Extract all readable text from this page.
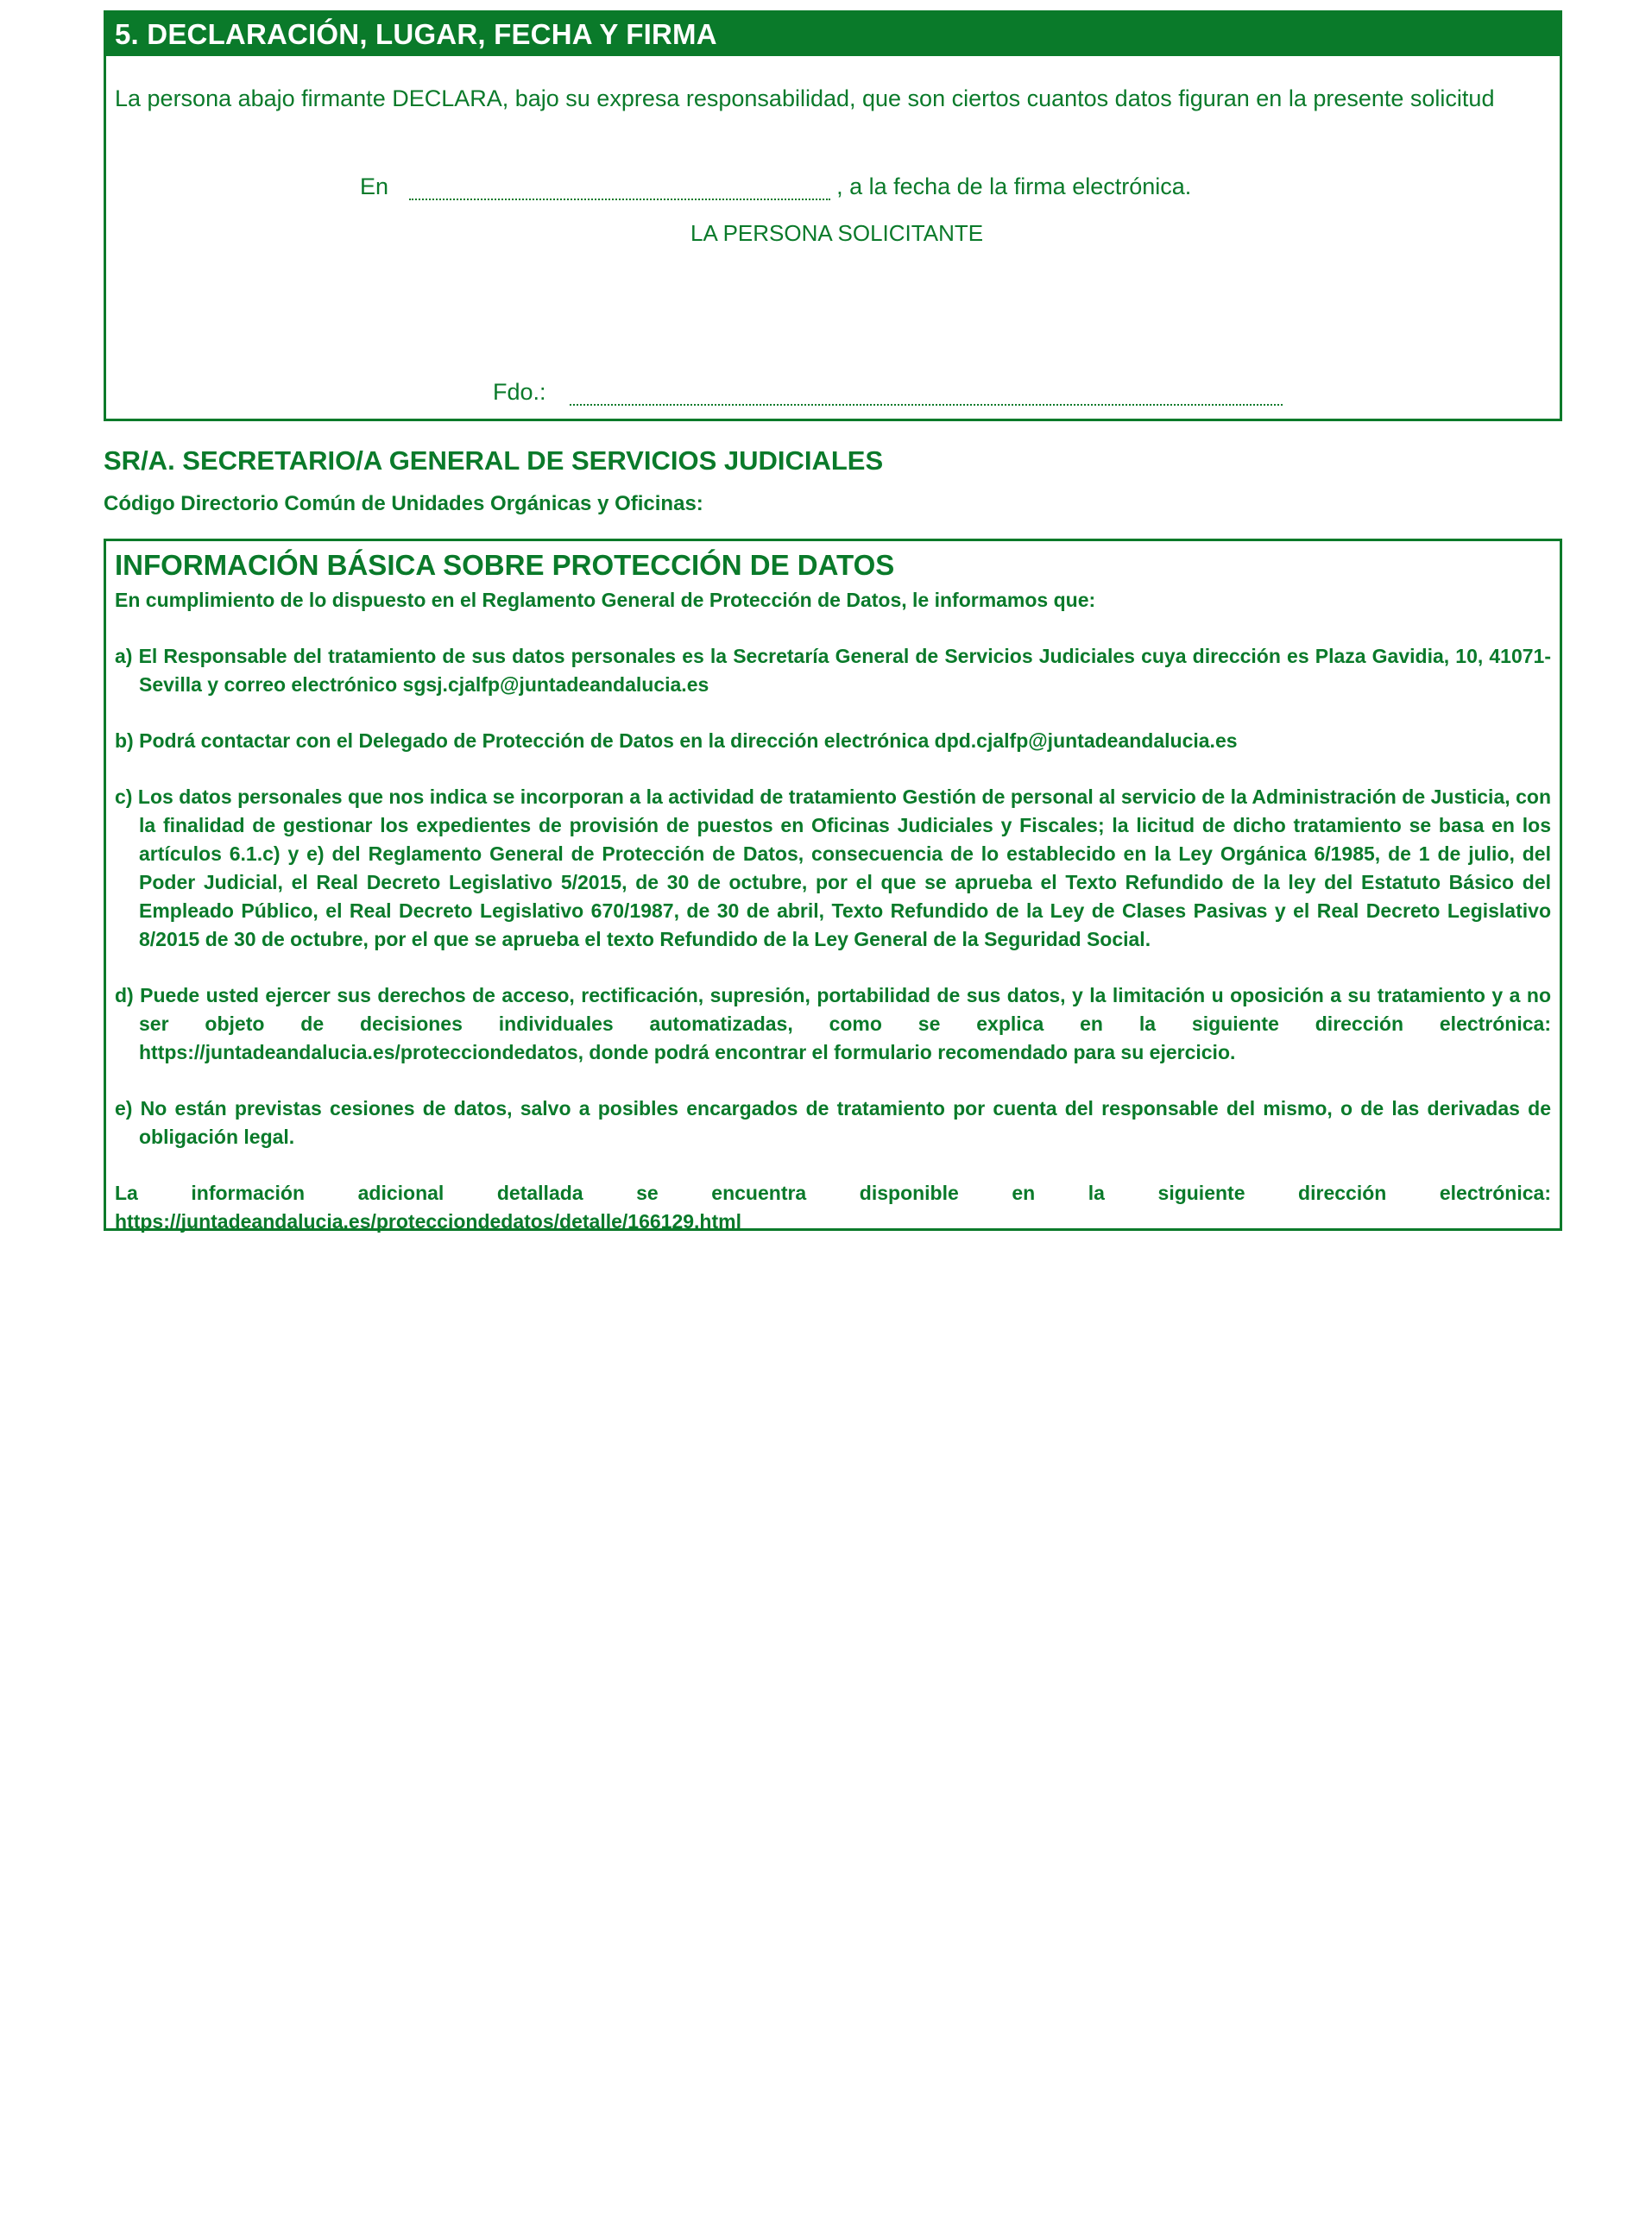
5. DECLARACIÓN, LUGAR, FECHA Y FIRMA
La persona abajo firmante DECLARA, bajo su expresa responsabilidad, que son ciertos cuantos datos figuran en la presente solicitud
En	, a la fecha de la firma electrónica.
LA PERSONA SOLICITANTE
Fdo.:
SR/A. SECRETARIO/A GENERAL DE SERVICIOS JUDICIALES
Código Directorio Común de Unidades Orgánicas y Oficinas:

INFORMACIÓN BÁSICA SOBRE PROTECCIÓN DE DATOS

En cumplimiento de lo dispuesto en el Reglamento General de Protección de Datos, le informamos que:

a) El Responsable del tratamiento de sus datos personales es la Secretaría General de Servicios Judiciales cuya dirección es Plaza Gavidia, 10, 41071-Sevilla y correo electrónico sgsj.cjalfp@juntadeandalucia.es

b) Podrá contactar con el Delegado de Protección de Datos en la dirección electrónica dpd.cjalfp@juntadeandalucia.es

c) Los datos personales que nos indica se incorporan a la actividad de tratamiento Gestión de personal al servicio de la Administración de Justicia, con la finalidad de gestionar los expedientes de provisión de puestos en Oficinas Judiciales y Fiscales; la licitud de dicho tratamiento se basa en los artículos 6.1.c) y e) del Reglamento General de Protección de Datos, consecuencia de lo establecido en la Ley Orgánica 6/1985, de 1 de julio, del Poder Judicial, el Real Decreto Legislativo 5/2015, de 30 de octubre, por el que se aprueba el Texto Refundido de la ley del Estatuto Básico del Empleado Público, el Real Decreto Legislativo 670/1987, de 30 de abril, Texto Refundido de la Ley de Clases Pasivas y el Real Decreto Legislativo 8/2015 de 30 de octubre, por el que se aprueba el texto Refundido de la Ley General de la Seguridad Social.

d) Puede usted ejercer sus derechos de acceso, rectificación, supresión, portabilidad de sus datos, y la limitación u oposición a su tratamiento y a no ser objeto de decisiones individuales automatizadas, como se explica en la siguiente dirección electrónica: https://juntadeandalucia.es/protecciondedatos, donde podrá encontrar el formulario recomendado para su ejercicio.

e) No están previstas cesiones de datos, salvo a posibles encargados de tratamiento por cuenta del responsable del mismo, o de las derivadas de obligación legal.

La información adicional detallada se encuentra disponible en la siguiente dirección electrónica: https://juntadeandalucia.es/protecciondedatos/detalle/166129.html
